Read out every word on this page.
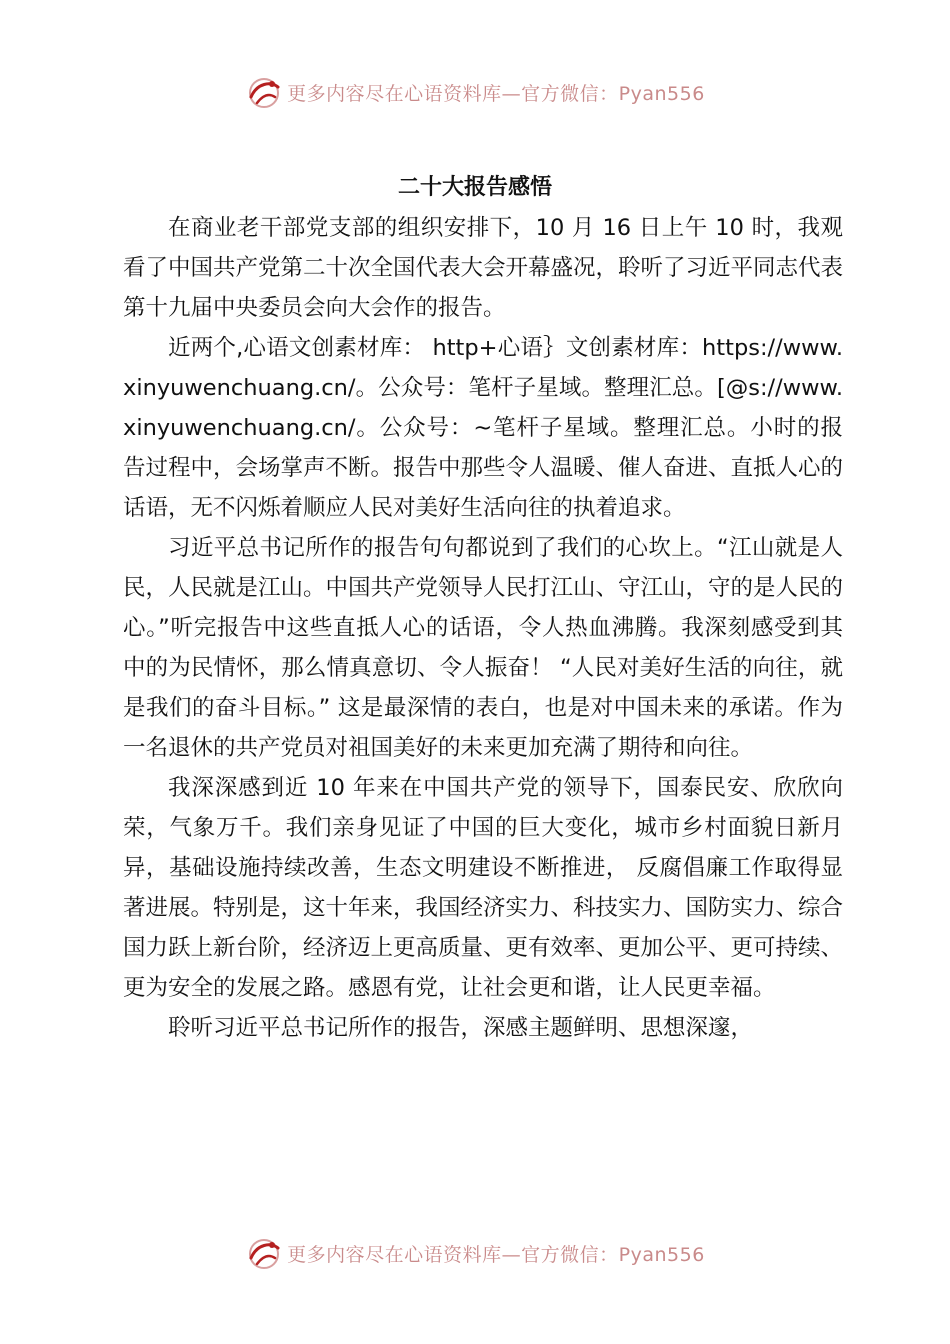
更多内容尽在心语资料库—官方微信：Pyan556
二十大报告感悟

在商业老干部党支部的组织安排下，10 月 16 日上午 10 时，我观看了中国共产党第二十次全国代表大会开幕盛况，聆听了习近平同志代表第十九届中央委员会向大会作的报告。

近两个,心语文创素材库： http+心语｝文创素材库：https://www.xinyuwenchuang.cn/。公众号：笔杆子星域。整理汇总。[@s://www.xinyuwenchuang.cn/。公众号：~笔杆子星域。整理汇总。小时的报告过程中，会场掌声不断。报告中那些令人温暖、催人奋进、直抵人心的话语，无不闪烁着顺应人民对美好生活向往的执着追求。

习近平总书记所作的报告句句都说到了我们的心坎上。“江山就是人民，人民就是江山。中国共产党领导人民打江山、守江山，守的是人民的心。”听完报告中这些直抵人心的话语，令人热血沸腾。我深刻感受到其中的为民情怀，那么情真意切、令人振奋！ “人民对美好生活的向往，就是我们的奋斗目标。” 这是最深情的表白，也是对中国未来的承诺。作为一名退休的共产党员对祖国美好的未来更加充满了期待和向往。

我深深感到近 10 年来在中国共产党的领导下，国泰民安、欣欣向荣，气象万千。我们亲身见证了中国的巨大变化，城市乡村面貌日新月异，基础设施持续改善，生态文明建设不断推进， 反腐倡廉工作取得显著进展。特别是，这十年来，我国经济实力、科技实力、国防实力、综合国力跃上新台阶，经济迈上更高质量、更有效率、更加公平、更可持续、更为安全的发展之路。感恩有党，让社会更和谐，让人民更幸福。

聆听习近平总书记所作的报告，深感主题鲜明、思想深邃，

更多内容尽在心语资料库—官方微信：Pyan556
